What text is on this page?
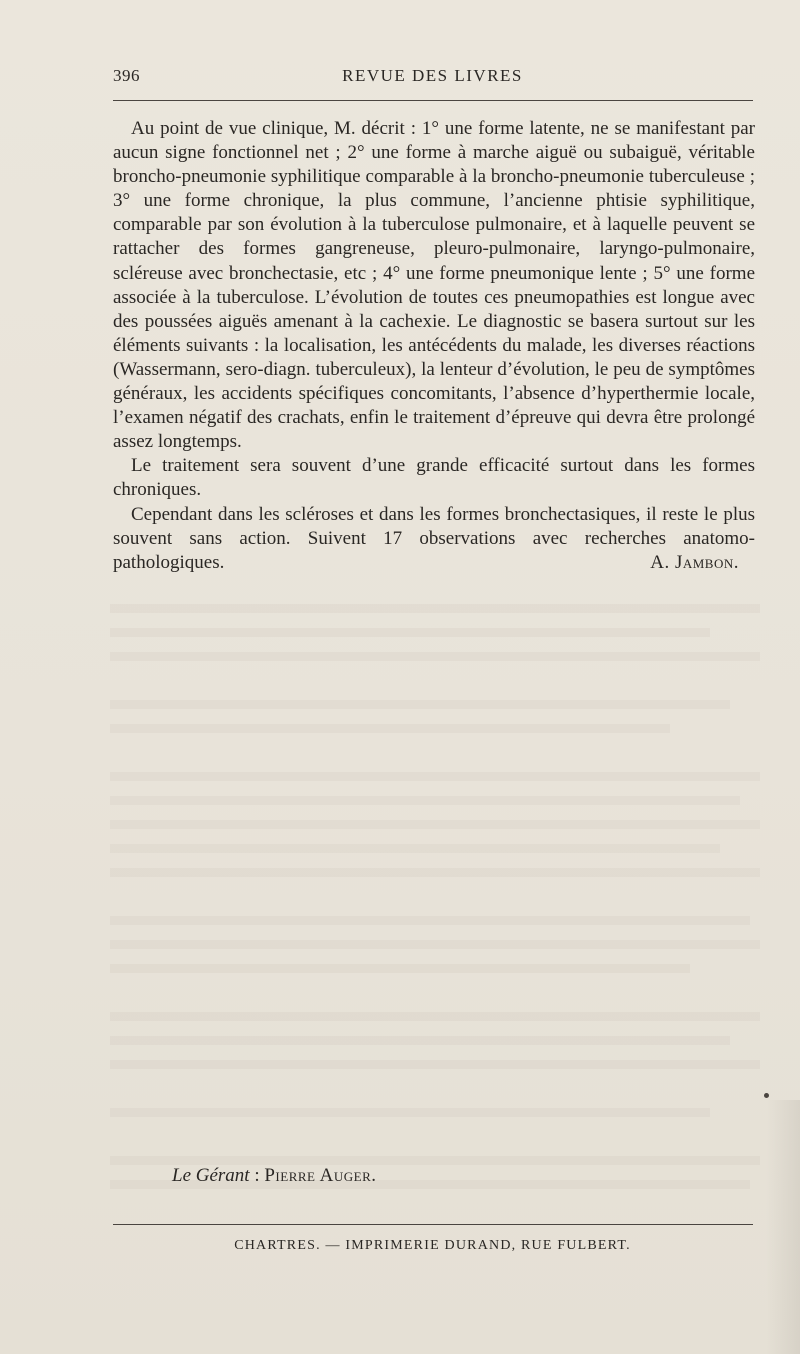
396	REVUE DES LIVRES

Au point de vue clinique, M. décrit : 1° une forme latente, ne se manifestant par aucun signe fonctionnel net ; 2° une forme à marche aiguë ou subaiguë, véritable broncho-pneumonie syphilitique comparable à la broncho-pneumonie tuberculeuse ; 3° une forme chronique, la plus commune, l’ancienne phtisie syphilitique, comparable par son évolution à la tuberculose pulmonaire, et à laquelle peuvent se rattacher des formes gangreneuse, pleuro-pulmonaire, laryngo-pulmonaire, scléreuse avec bronchectasie, etc ; 4° une forme pneumonique lente ; 5° une forme associée à la tuberculose. L’évolution de toutes ces pneumopathies est longue avec des poussées aiguës amenant à la cachexie. Le diagnostic se basera surtout sur les éléments suivants : la localisation, les antécédents du malade, les diverses réactions (Wassermann, sero-diagn. tuberculeux), la lenteur d’évolution, le peu de symptômes généraux, les accidents spécifiques concomitants, l’absence d’hyperthermie locale, l’examen négatif des crachats, enfin le traitement d’épreuve qui devra être prolongé assez longtemps.

Le traitement sera souvent d’une grande efficacité surtout dans les formes chroniques.

Cependant dans les scléroses et dans les formes bronchectasiques, il reste le plus souvent sans action. Suivent 17 observations avec recherches anatomo-pathologiques.	A. Jambon.
Le Gérant : Pierre Auger.
CHARTRES. — IMPRIMERIE DURAND, RUE FULBERT.
